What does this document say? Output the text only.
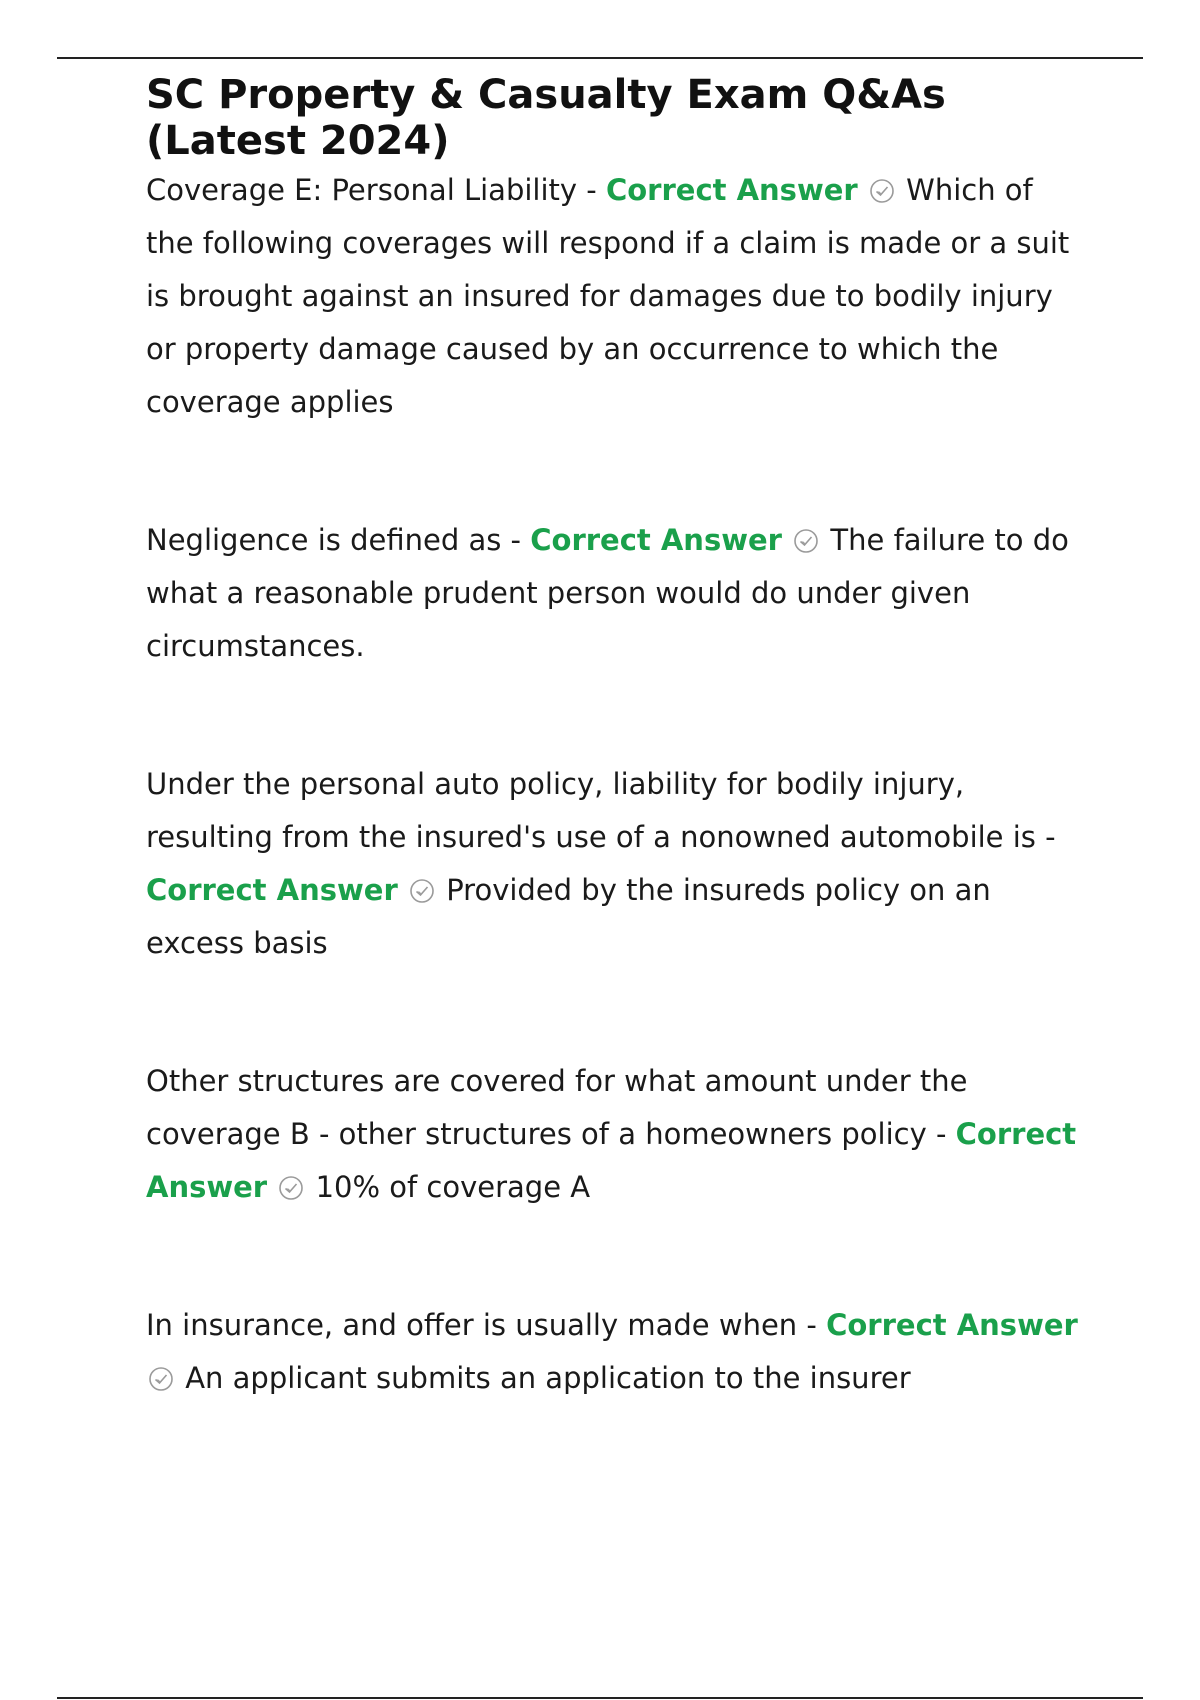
SC Property & Casualty Exam Q&As (Latest 2024)

Coverage E: Personal Liability - Correct Answer Which of the following coverages will respond if a claim is made or a suit is brought against an insured for damages due to bodily injury or property damage caused by an occurrence to which the coverage applies

Negligence is defined as - Correct Answer The failure to do what a reasonable prudent person would do under given circumstances.

Under the personal auto policy, liability for bodily injury, resulting from the insured's use of a nonowned automobile is - Correct Answer Provided by the insureds policy on an excess basis

Other structures are covered for what amount under the coverage B - other structures of a homeowners policy - Correct Answer 10% of coverage A

In insurance, and offer is usually made when - Correct Answer
An applicant submits an application to the insurer
